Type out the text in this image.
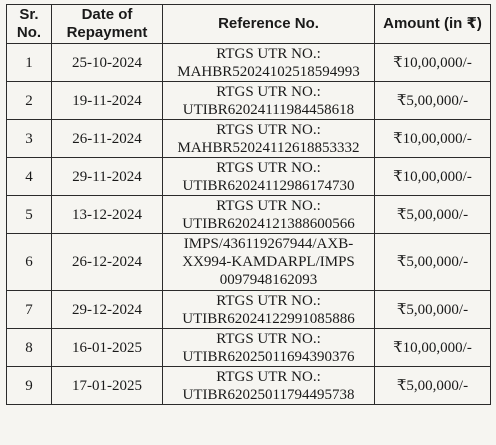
Sr. No.	Date of Repayment	Reference No.	Amount (in ₹)
1	25-10-2024	RTGS UTR NO.:
MAHBR52024102518594993	₹10,00,000/-
2	19-11-2024	RTGS UTR NO.:
UTIBR62024111984458618	₹5,00,000/-
3	26-11-2024	RTGS UTR NO.:
MAHBR52024112618853332	₹10,00,000/-
4	29-11-2024	RTGS UTR NO.:
UTIBR62024112986174730	₹10,00,000/-
5	13-12-2024	RTGS UTR NO.:
UTIBR62024121388600566	₹5,00,000/-
6	26-12-2024	IMPS/436119267944/AXB-
XX994-KAMDARPL/IMPS
0097948162093	₹5,00,000/-
7	29-12-2024	RTGS UTR NO.:
UTIBR62024122991085886	₹5,00,000/-
8	16-01-2025	RTGS UTR NO.:
UTIBR62025011694390376	₹10,00,000/-
9	17-01-2025	RTGS UTR NO.:
UTIBR62025011794495738	₹5,00,000/-
